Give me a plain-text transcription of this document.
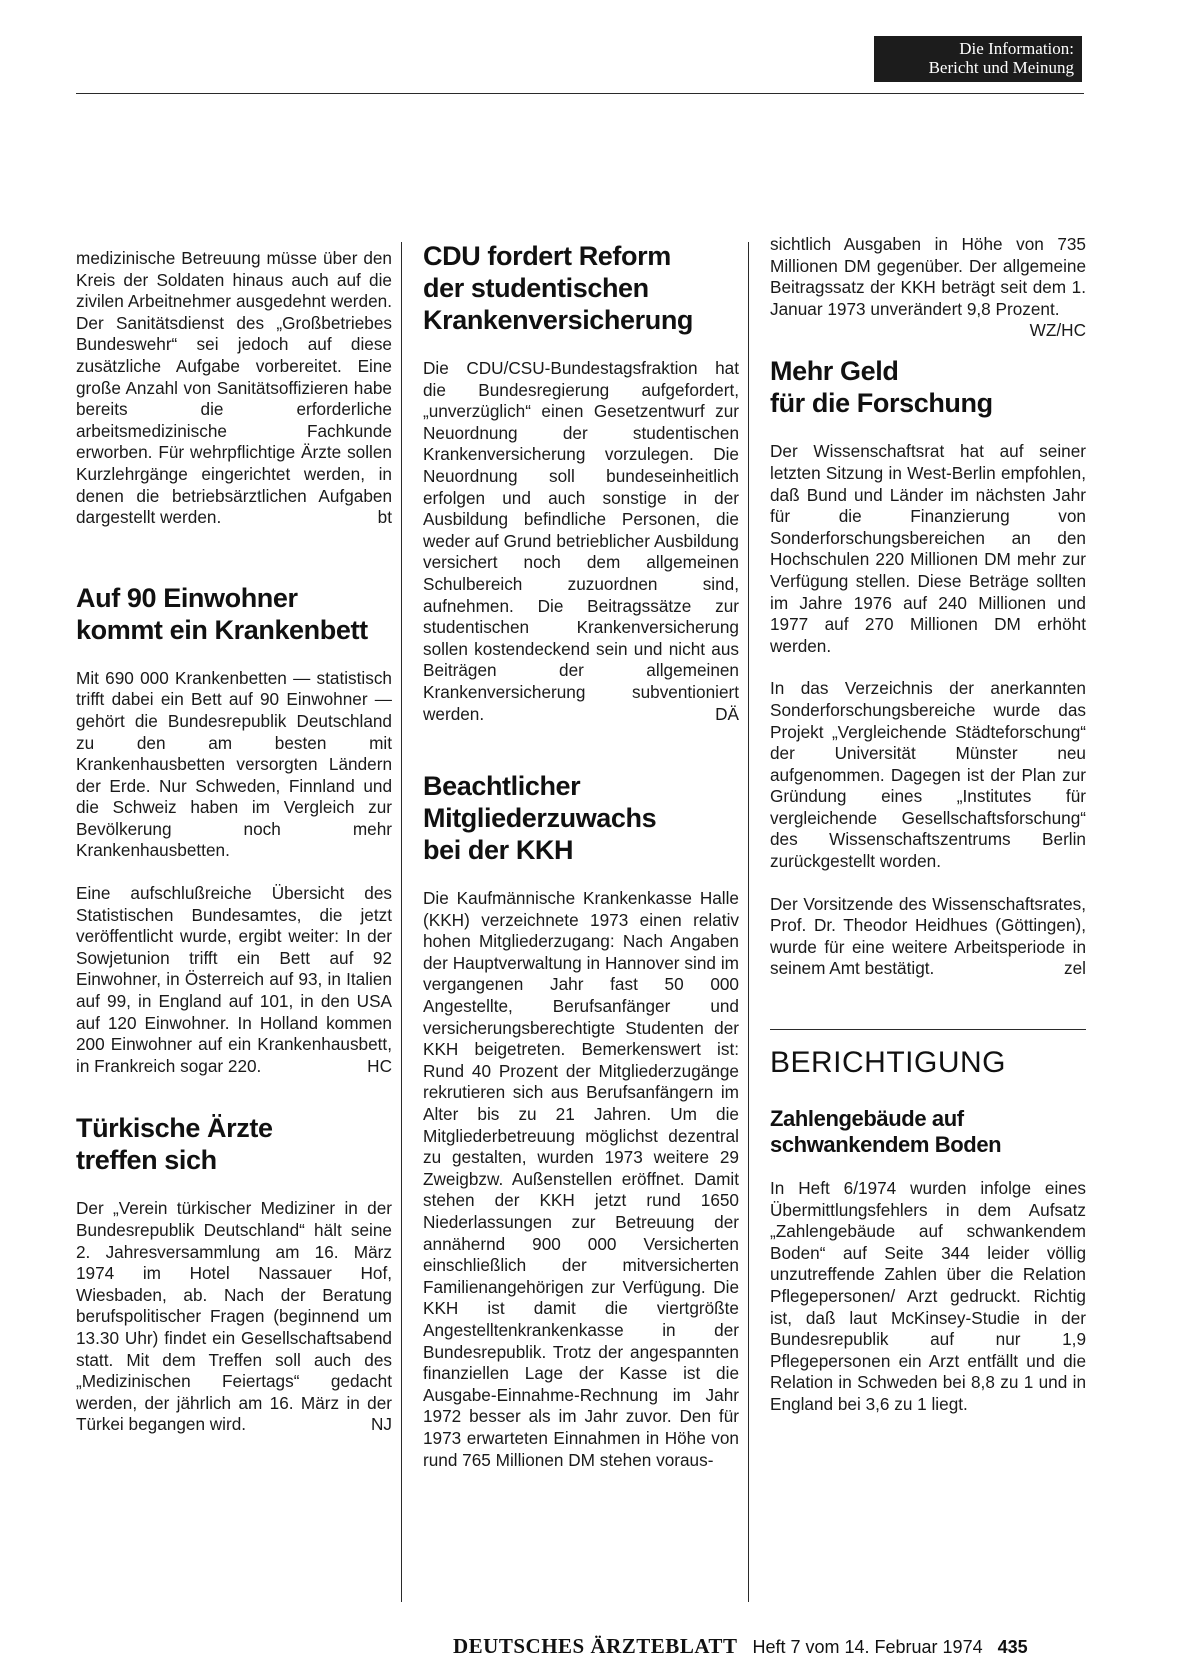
Die Information:
Bericht und Meinung

medizinische Betreuung müsse über den Kreis der Soldaten hinaus auch auf die zivilen Arbeitnehmer ausgedehnt werden. Der Sanitätsdienst des „Großbetriebes Bundeswehr“ sei jedoch auf diese zusätzliche Aufgabe vorbereitet. Eine große Anzahl von Sanitätsoffizieren habe bereits die erforderliche arbeitsmedizinische Fachkunde erworben. Für wehrpflichtige Ärzte sollen Kurzlehrgänge eingerichtet werden, in denen die betriebsärztlichen Aufgaben dargestellt werden.	bt

Auf 90 Einwohner
kommt ein Krankenbett

Mit 690 000 Krankenbetten — statistisch trifft dabei ein Bett auf 90 Einwohner — gehört die Bundesrepublik Deutschland zu den am besten mit Krankenhausbetten versorgten Ländern der Erde. Nur Schweden, Finnland und die Schweiz haben im Vergleich zur Bevölkerung noch mehr Krankenhausbetten.

Eine aufschlußreiche Übersicht des Statistischen Bundesamtes, die jetzt veröffentlicht wurde, ergibt weiter: In der Sowjetunion trifft ein Bett auf 92 Einwohner, in Österreich auf 93, in Italien auf 99, in England auf 101, in den USA auf 120 Einwohner. In Holland kommen 200 Einwohner auf ein Krankenhausbett, in Frankreich sogar 220.	HC

Türkische Ärzte
treffen sich

Der „Verein türkischer Mediziner in der Bundesrepublik Deutschland“ hält seine 2. Jahresversammlung am 16. März 1974 im Hotel Nassauer Hof, Wiesbaden, ab. Nach der Beratung berufspolitischer Fragen (beginnend um 13.30 Uhr) findet ein Gesellschaftsabend statt. Mit dem Treffen soll auch des „Medizinischen Feiertags“ gedacht werden, der jährlich am 16. März in der Türkei begangen wird.	NJ

CDU fordert Reform
der studentischen
Krankenversicherung

Die CDU/CSU-Bundestagsfraktion hat die Bundesregierung aufgefordert, „unverzüglich“ einen Gesetzentwurf zur Neuordnung der studentischen Krankenversicherung vorzulegen. Die Neuordnung soll bundeseinheitlich erfolgen und auch sonstige in der Ausbildung befindliche Personen, die weder auf Grund betrieblicher Ausbildung versichert noch dem allgemeinen Schulbereich zuzuordnen sind, aufnehmen. Die Beitragssätze zur studentischen Krankenversicherung sollen kostendeckend sein und nicht aus Beiträgen der allgemeinen Krankenversicherung subventioniert werden.	DÄ

Beachtlicher
Mitgliederzuwachs
bei der KKH

Die Kaufmännische Krankenkasse Halle (KKH) verzeichnete 1973 einen relativ hohen Mitgliederzugang: Nach Angaben der Hauptverwaltung in Hannover sind im vergangenen Jahr fast 50 000 Angestellte, Berufsanfänger und versicherungsberechtigte Studenten der KKH beigetreten. Bemerkenswert ist: Rund 40 Prozent der Mitgliederzugänge rekrutieren sich aus Berufsanfängern im Alter bis zu 21 Jahren. Um die Mitgliederbetreuung möglichst dezentral zu gestalten, wurden 1973 weitere 29 Zweigbzw. Außenstellen eröffnet. Damit stehen der KKH jetzt rund 1650 Niederlassungen zur Betreuung der annähernd 900 000 Versicherten einschließlich der mitversicherten Familienangehörigen zur Verfügung. Die KKH ist damit die viertgrößte Angestelltenkrankenkasse in der Bundesrepublik. Trotz der angespannten finanziellen Lage der Kasse ist die Ausgabe-Einnahme-Rechnung im Jahr 1972 besser als im Jahr zuvor. Den für 1973 erwarteten Einnahmen in Höhe von rund 765 Millionen DM stehen voraus-

sichtlich Ausgaben in Höhe von 735 Millionen DM gegenüber. Der allgemeine Beitragssatz der KKH beträgt seit dem 1. Januar 1973 unverändert 9,8 Prozent.
WZ/HC

Mehr Geld
für die Forschung

Der Wissenschaftsrat hat auf seiner letzten Sitzung in West-Berlin empfohlen, daß Bund und Länder im nächsten Jahr für die Finanzierung von Sonderforschungsbereichen an den Hochschulen 220 Millionen DM mehr zur Verfügung stellen. Diese Beträge sollten im Jahre 1976 auf 240 Millionen und 1977 auf 270 Millionen DM erhöht werden.

In das Verzeichnis der anerkannten Sonderforschungsbereiche wurde das Projekt „Vergleichende Städteforschung“ der Universität Münster neu aufgenommen. Dagegen ist der Plan zur Gründung eines „Institutes für vergleichende Gesellschaftsforschung“ des Wissenschaftszentrums Berlin zurückgestellt worden.

Der Vorsitzende des Wissenschaftsrates, Prof. Dr. Theodor Heidhues (Göttingen), wurde für eine weitere Arbeitsperiode in seinem Amt bestätigt.	zel

BERICHTIGUNG
Zahlengebäude auf
schwankendem Boden

In Heft 6/1974 wurden infolge eines Übermittlungsfehlers in dem Aufsatz „Zahlengebäude auf schwankendem Boden“ auf Seite 344 leider völlig unzutreffende Zahlen über die Relation Pflegepersonen/ Arzt gedruckt. Richtig ist, daß laut McKinsey-Studie in der Bundesrepublik auf nur 1,9 Pflegepersonen ein Arzt entfällt und die Relation in Schweden bei 8,8 zu 1 und in England bei 3,6 zu 1 liegt.

DEUTSCHES ÄRZTEBLATT Heft 7 vom 14. Februar 1974 435
